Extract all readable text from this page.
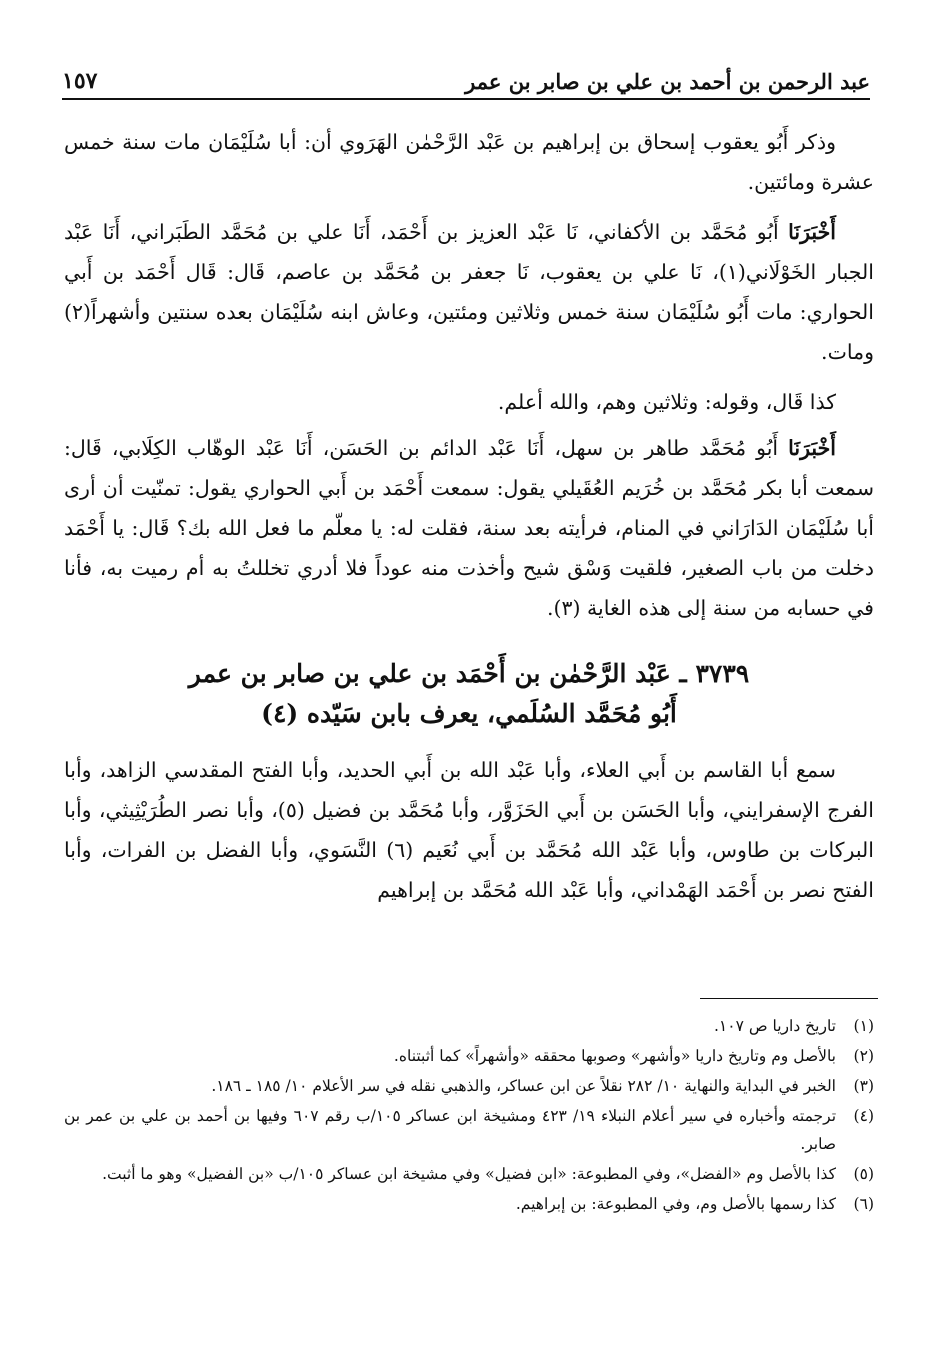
عبد الرحمن بن أحمد بن علي بن صابر بن عمر
١٥٧

وذكر أَبُو يعقوب إسحاق بن إبراهيم بن عَبْد الرَّحْمٰن الهَرَوي أن: أبا سُلَيْمَان مات سنة خمس عشرة ومائتين.

أَخْبَرَنَا أَبُو مُحَمَّد بن الأكفاني، نَا عَبْد العزيز بن أَحْمَد، أَنَا علي بن مُحَمَّد الطَبَراني، أَنَا عَبْد الجبار الخَوْلَاني(١)، نَا علي بن يعقوب، نَا جعفر بن مُحَمَّد بن عاصم، قَال: قَال أَحْمَد بن أَبي الحواري: مات أَبُو سُلَيْمَان سنة خمس وثلاثين ومئتين، وعاش ابنه سُلَيْمَان بعده سنتين وأشهراً(٢) ومات.

كذا قَال، وقوله: وثلاثين وهم، والله أعلم.

أَخْبَرَنَا أَبُو مُحَمَّد طاهر بن سهل، أَنَا عَبْد الدائم بن الحَسَن، أَنَا عَبْد الوهّاب الكِلَابي، قَال: سمعت أبا بكر مُحَمَّد بن خُرَيم العُقَيلي يقول: سمعت أَحْمَد بن أَبي الحواري يقول: تمنّيت أن أرى أبا سُلَيْمَان الدَارَاني في المنام، فرأيته بعد سنة، فقلت له: يا معلّم ما فعل الله بك؟ قَال: يا أَحْمَد دخلت من باب الصغير، فلقيت وَسْق شيح وأخذت منه عوداً فلا أدري تخللتُ به أم رميت به، فأنا في حسابه من سنة إلى هذه الغاية (٣).

٣٧٣٩ ـ عَبْد الرَّحْمٰن بن أَحْمَد بن علي بن صابر بن عمر
أَبُو مُحَمَّد السُلَمي، يعرف بابن سَيّده (٤)

سمع أبا القاسم بن أَبي العلاء، وأبا عَبْد الله بن أَبي الحديد، وأبا الفتح المقدسي الزاهد، وأبا الفرج الإسفرايني، وأبا الحَسَن بن أَبي الحَزَوَّر، وأبا مُحَمَّد بن فضيل (٥)، وأبا نصر الطُرَيْثِيثي، وأبا البركات بن طاوس، وأبا عَبْد الله مُحَمَّد بن أَبي نُعَيم (٦) النَّسَوي، وأبا الفضل بن الفرات، وأبا الفتح نصر بن أَحْمَد الهَمْداني، وأبا عَبْد الله مُحَمَّد بن إبراهيم

(١)
تاريخ داريا ص ١٠٧.
(٢)
بالأصل وم وتاريخ داريا «وأشهر» وصوبها محققه «وأشهراً» كما أثبتناه.
(٣)
الخبر في البداية والنهاية ١٠/ ٢٨٢ نقلاً عن ابن عساكر، والذهبي نقله في سر الأعلام ١٠/ ١٨٥ ـ ١٨٦.
(٤)
ترجمته وأخباره في سير أعلام النبلاء ١٩/ ٤٢٣ ومشيخة ابن عساكر ١٠٥/ب رقم ٦٠٧ وفيها بن أحمد بن علي بن عمر بن صابر.
(٥)
كذا بالأصل وم «الفضل»، وفي المطبوعة: «ابن فضيل» وفي مشيخة ابن عساكر ١٠٥/ب «بن الفضيل» وهو ما أثبت.
(٦)
كذا رسمها بالأصل وم، وفي المطبوعة: بن إبراهيم.
